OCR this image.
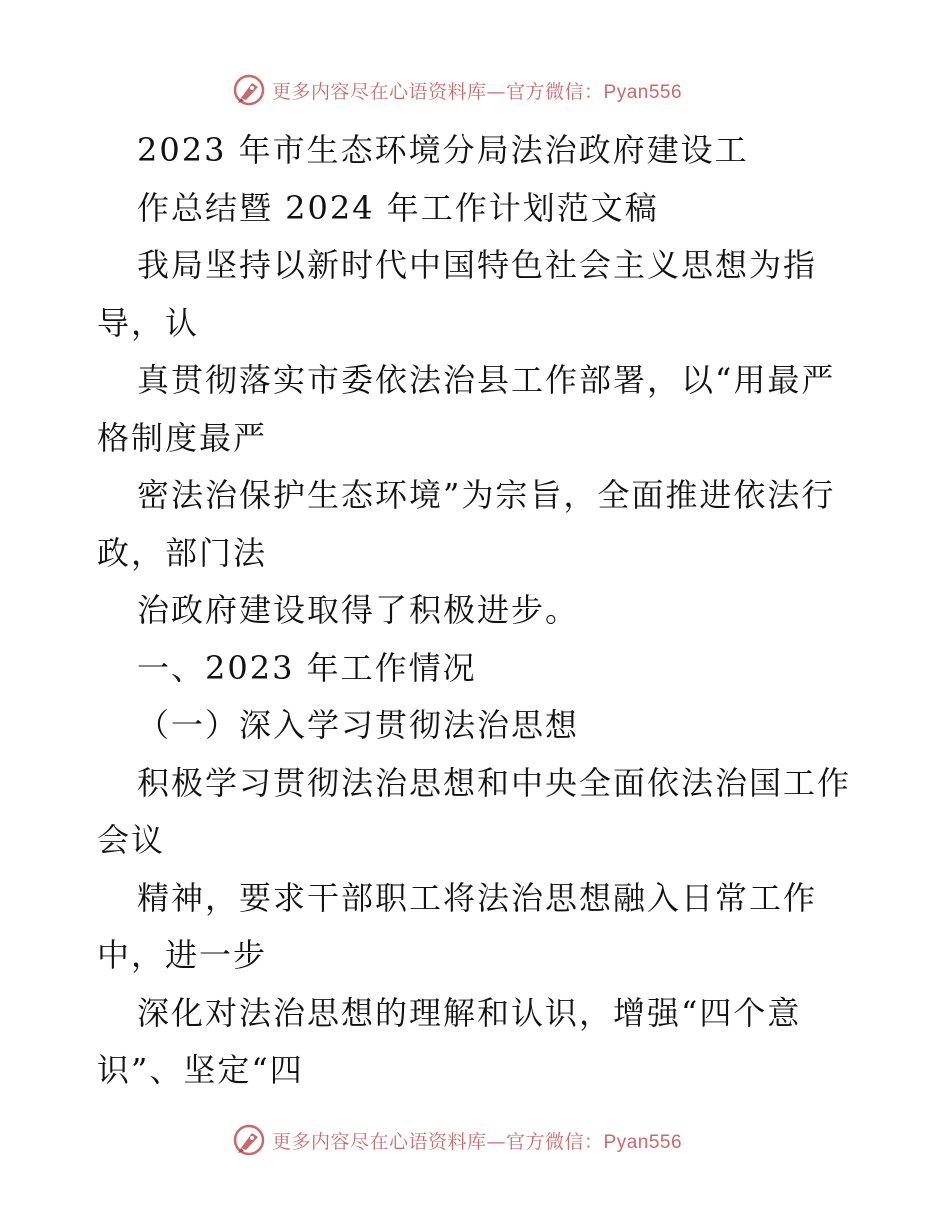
更多内容尽在心语资料库—官方微信：Pyan556
2023 年市生态环境分局法治政府建设工
作总结暨 2024 年工作计划范文稿
我局坚持以新时代中国特色社会主义思想为指
导，认
真贯彻落实市委依法治县工作部署，以“用最严
格制度最严
密法治保护生态环境”为宗旨，全面推进依法行
政，部门法
治政府建设取得了积极进步。
一、2023 年工作情况
（一）深入学习贯彻法治思想
积极学习贯彻法治思想和中央全面依法治国工作
会议
精神，要求干部职工将法治思想融入日常工作
中，进一步
深化对法治思想的理解和认识，增强“四个意
识”、坚定“四
更多内容尽在心语资料库—官方微信：Pyan556
